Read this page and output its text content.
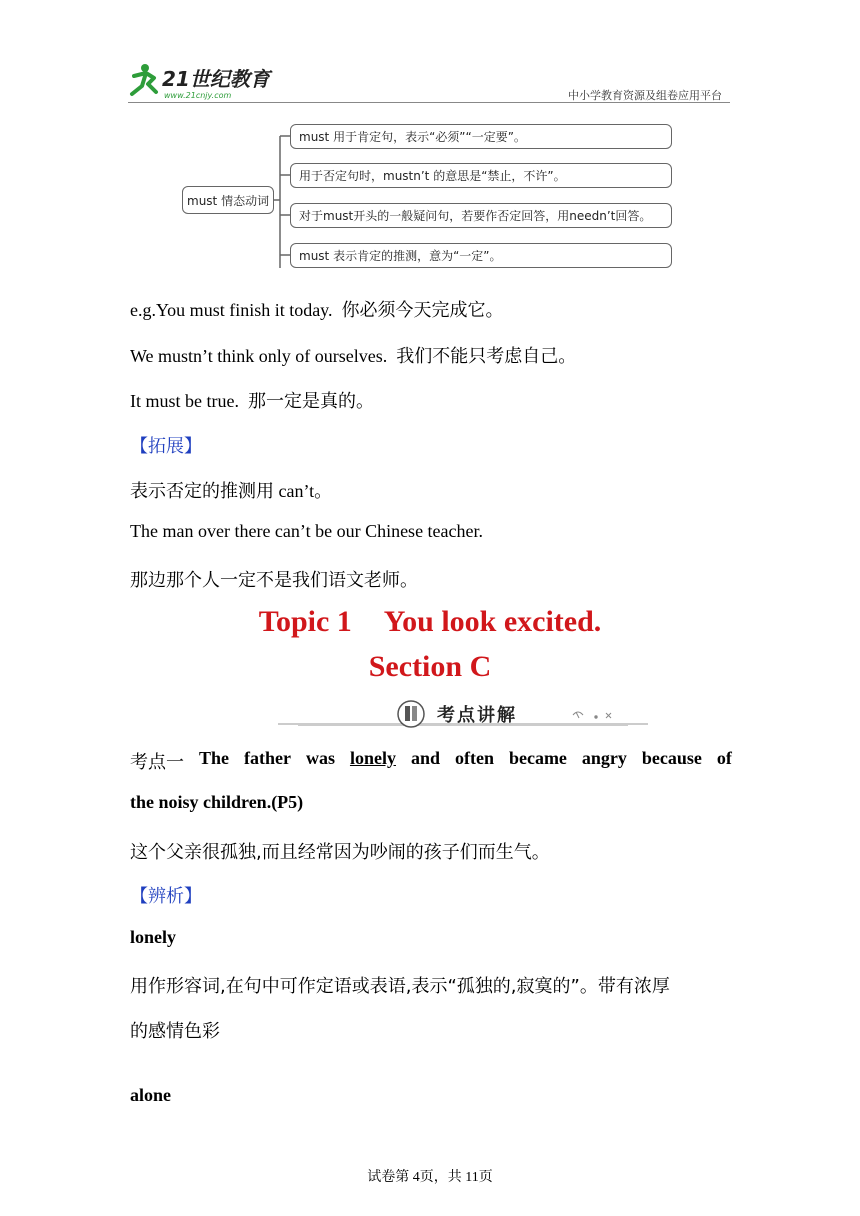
21世纪教育
www.21cnjy.com	中小学教育资源及组卷应用平台
must 情态动词
must 用于肯定句，表示“必须”“一定要”。
用于否定句时，mustn’t 的意思是“禁止，不许”。
对于must开头的一般疑问句，若要作否定回答，用needn’t回答。
must 表示肯定的推测，意为“一定”。
e.g.You must finish it today. 你必须今天完成它。
We mustn’t think only of ourselves. 我们不能只考虑自己。
It must be true. 那一定是真的。
【拓展】
表示否定的推测用 can’t。
The man over there can’t be our Chinese teacher.
那边那个人一定不是我们语文老师。
Topic 1 You look excited.
Section C
考点讲解
考点一 The father was lonely and often became angry because of
the noisy children.(P5)
这个父亲很孤独,而且经常因为吵闹的孩子们而生气。
【辨析】
lonely
用作形容词,在句中可作定语或表语,表示“孤独的,寂寞的”。带有浓厚
的感情色彩
alone
试卷第 4页，共 11页
